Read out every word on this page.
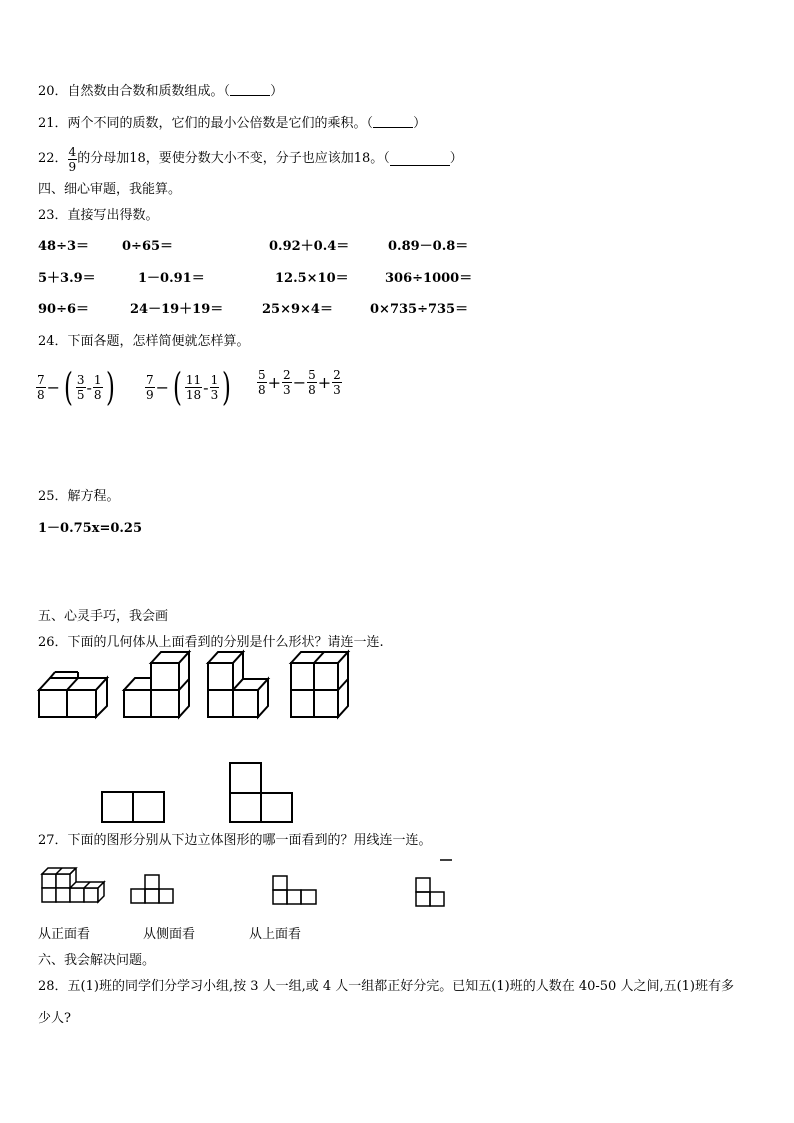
20．自然数由合数和质数组成。（	）
21．两个不同的质数，它们的最小公倍数是它们的乘积。（	）
22． $\frac{4}{9}$ 的分母加18，要使分数大小不变，分子也应该加18。（	）
四、细心审题，我能算。
23．直接写出得数。
48÷3＝	0÷65＝	0.92＋0.4＝	0.89－0.8＝
5＋3.9＝	1－0.91＝	12.5×10＝	306÷1000＝
90÷6＝	24－19＋19＝	25×9×4＝	0×735÷735＝
24．下面各题，怎样简便就怎样算。
$\frac{7}{8}$ − ( $\frac{3}{5} - \frac{1}{8}$ )	$\frac{7}{9}$ − ( $\frac{11}{18} - \frac{1}{3}$ ) $\frac{5}{8} + \frac{2}{3} - \frac{5}{8} + \frac{2}{3}$
25．解方程。
1－0.75x=0.25
五、心灵手巧，我会画
26．下面的几何体从上面看到的分别是什么形状？请连一连.
27．下面的图形分别从下边立体图形的哪一面看到的？用线连一连。
从正面看	从侧面看	从上面看
六、我会解决问题。
28．五(1)班的同学们分学习小组,按 3 人一组,或 4 人一组都正好分完。已知五(1)班的人数在 40-50 人之间,五(1)班有多
少人?
